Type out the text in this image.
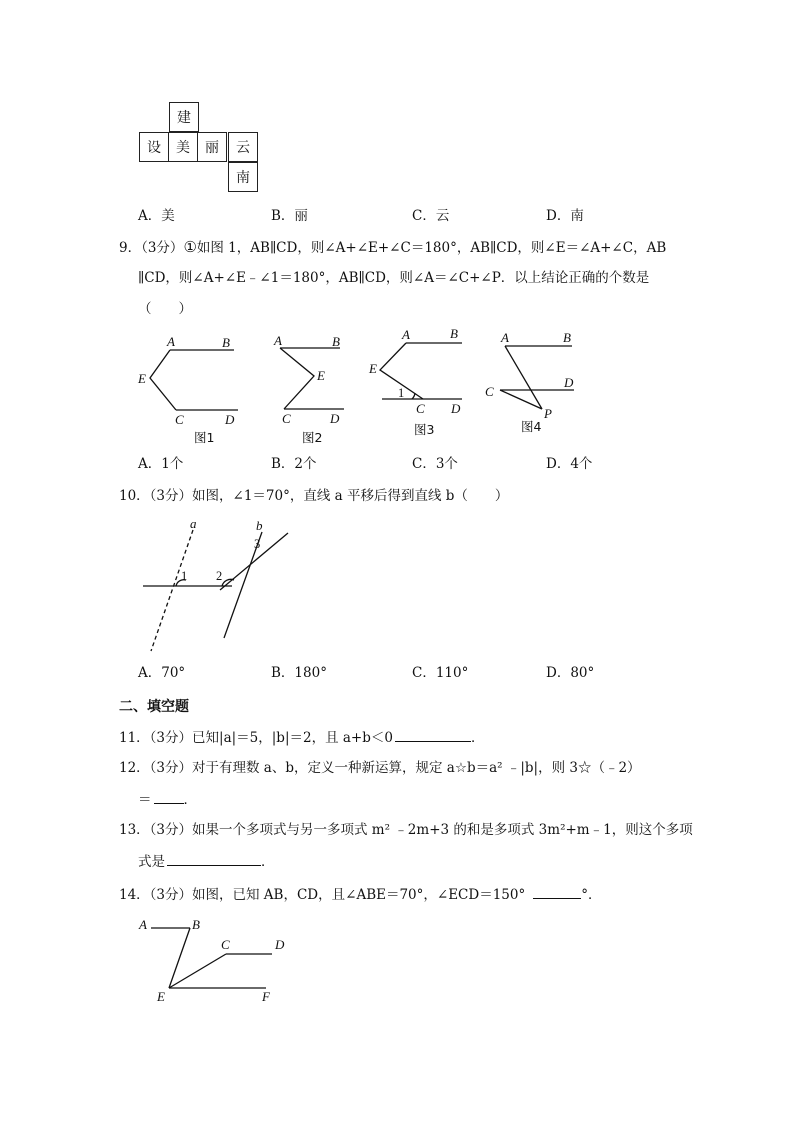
建
设	美	丽	云
南
A．美	B．丽	C．云	D．南
9．（3分）①如图 1，AB∥CD，则∠A+∠E+∠C＝180°，AB∥CD，则∠E＝∠A+∠C，AB
∥CD，则∠A+∠E﹣∠1＝180°，AB∥CD，则∠A＝∠C+∠P．以上结论正确的个数是
（　　）
A	B
E
C	D
图1
A	B
E
C	D
图2
A	B
E
1
C D
图3
A	B
C
D
P
图4
A．1个	B．2个	C．3个	D．4个
10．（3分）如图，∠1＝70°，直线 a 平移后得到直线 b（　　）
a	b
1 2
3
A．70°	B．180°	C．110°	D．80°
二、填空题
11．（3分）已知|a|＝5，|b|＝2，且 a+b＜0	．
12．（3分）对于有理数 a、b，定义一种新运算，规定 a☆b＝a² ﹣|b|，则 3☆（﹣2）
＝ ．
13．（3分）如果一个多项式与另一多项式 m² ﹣2m+3 的和是多项式 3m²+m﹣1，则这个多项
式是	．
14．（3分）如图，已知 AB，CD，且∠ABE＝70°，∠ECD＝150°	°．
A	B
C	D
E	F
